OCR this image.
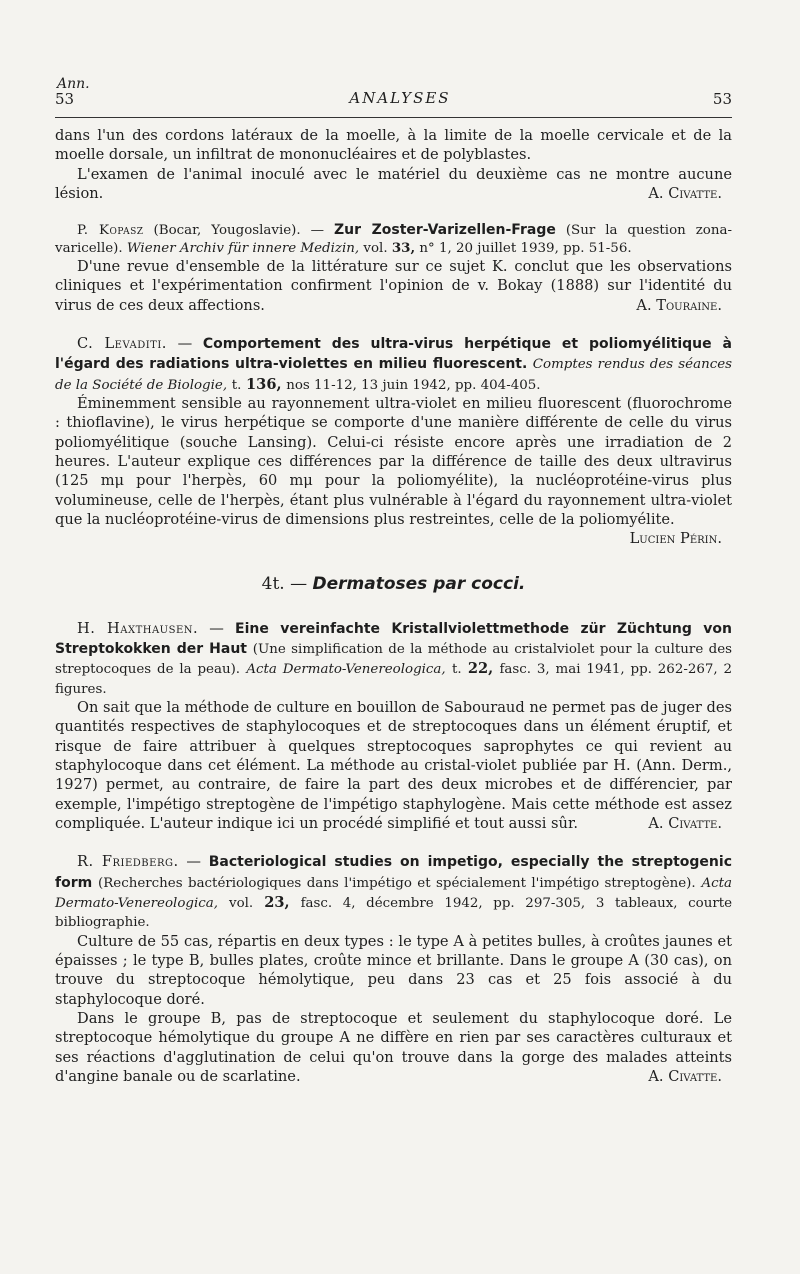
Ann.
53	ANALYSES	53

dans l'un des cordons latéraux de la moelle, à la limite de la moelle cervicale et de la moelle dorsale, un infiltrat de mononucléaires et de polyblastes.

L'examen de l'animal inoculé avec le matériel du deuxième cas ne montre aucune lésion.	A. Civatte.

P. Kopasz (Bocar, Yougoslavie). — Zur Zoster-Varizellen-Frage (Sur la question zona-varicelle). Wiener Archiv für innere Medizin, vol. 33, n° 1, 20 juillet 1939, pp. 51-56.

D'une revue d'ensemble de la littérature sur ce sujet K. conclut que les observations cliniques et l'expérimentation confirment l'opinion de v. Bokay (1888) sur l'identité du virus de ces deux affections.	A. Touraine.

C. Levaditi. — Comportement des ultra-virus herpétique et poliomyélitique à l'égard des radiations ultra-violettes en milieu fluorescent. Comptes rendus des séances de la Société de Biologie, t. 136, nos 11-12, 13 juin 1942, pp. 404-405.

Éminemment sensible au rayonnement ultra-violet en milieu fluorescent (fluorochrome : thioflavine), le virus herpétique se comporte d'une manière différente de celle du virus poliomyélitique (souche Lansing). Celui-ci résiste encore après une irradiation de 2 heures. L'auteur explique ces différences par la différence de taille des deux ultravirus (125 mμ pour l'herpès, 60 mμ pour la poliomyélite), la nucléoprotéine-virus plus volumineuse, celle de l'herpès, étant plus vulnérable à l'égard du rayonnement ultra-violet que la nucléoprotéine-virus de dimensions plus restreintes, celle de la poliomyélite.
Lucien Périn.

4t. — Dermatoses par cocci.

H. Haxthausen. — Eine vereinfachte Kristallviolettmethode zür Züchtung von Streptokokken der Haut (Une simplification de la méthode au cristalviolet pour la culture des streptocoques de la peau). Acta Dermato-Venereologica, t. 22, fasc. 3, mai 1941, pp. 262-267, 2 figures.

On sait que la méthode de culture en bouillon de Sabouraud ne permet pas de juger des quantités respectives de staphylocoques et de streptocoques dans un élément éruptif, et risque de faire attribuer à quelques streptocoques saprophytes ce qui revient au staphylocoque dans cet élément. La méthode au cristal-violet publiée par H. (Ann. Derm., 1927) permet, au contraire, de faire la part des deux microbes et de différencier, par exemple, l'impétigo streptogène de l'impétigo staphylogène. Mais cette méthode est assez compliquée. L'auteur indique ici un procédé simplifié et tout aussi sûr.	A. Civatte.

R. Friedberg. — Bacteriological studies on impetigo, especially the streptogenic form (Recherches bactériologiques dans l'impétigo et spécialement l'impétigo streptogène). Acta Dermato-Venereologica, vol. 23, fasc. 4, décembre 1942, pp. 297-305, 3 tableaux, courte bibliographie.

Culture de 55 cas, répartis en deux types : le type A à petites bulles, à croûtes jaunes et épaisses ; le type B, bulles plates, croûte mince et brillante. Dans le groupe A (30 cas), on trouve du streptocoque hémolytique, peu dans 23 cas et 25 fois associé à du staphylocoque doré.

Dans le groupe B, pas de streptocoque et seulement du staphylocoque doré. Le streptocoque hémolytique du groupe A ne diffère en rien par ses caractères culturaux et ses réactions d'agglutination de celui qu'on trouve dans la gorge des malades atteints d'angine banale ou de scarlatine.	A. Civatte.
